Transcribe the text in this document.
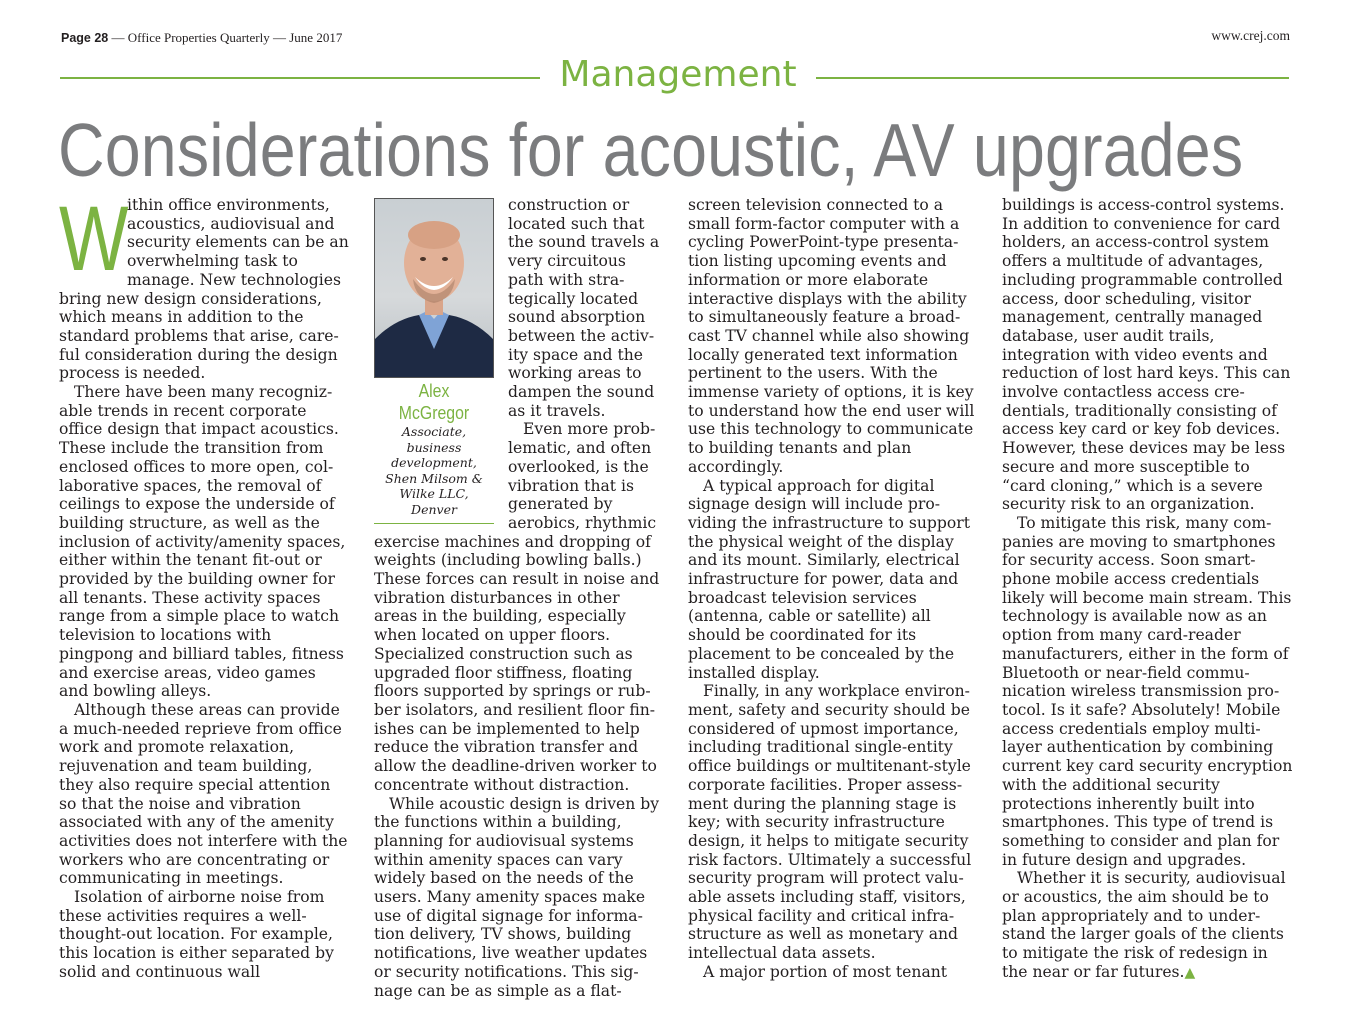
Page 28 — Office Properties Quarterly — June 2017	www.crej.com
Management
Considerations for acoustic, AV upgrades
W

ithin office environments, acoustics, audiovisual and security elements can be an overwhelming task to manage. New technologies bring new design considerations, which means in addition to the standard problems that arise, careful consideration during the design process is needed.

There have been many recognizable trends in recent corporate office design that impact acoustics. These include the transition from enclosed offices to more open, collaborative spaces, the removal of ceilings to expose the underside of building structure, as well as the inclusion of activity/amenity spaces, either within the tenant fit-out or provided by the building owner for all tenants. These activity spaces range from a simple place to watch television to locations with pingpong and billiard tables, fitness and exercise areas, video games and bowling alleys.

Although these areas can provide a much-needed reprieve from office work and promote relaxation, rejuvenation and team building, they also require special attention so that the noise and vibration associated with any of the amenity activities does not interfere with the workers who are concentrating or communicating in meetings.

Isolation of airborne noise from these activities requires a well-thought-out location. For example, this location is either separated by solid and continuous wall

Alex McGregor
Associate, business development, Shen Milsom & Wilke LLC, Denver

construction or located such that the sound travels a very circuitous path with strategically located sound absorption between the activity space and the working areas to dampen the sound as it travels.

Even more problematic, and often overlooked, is the vibration that is generated by aerobics, rhythmic exercise machines and dropping of weights (including bowling balls.) These forces can result in noise and vibration disturbances in other areas in the building, especially when located on upper floors. Specialized construction such as upgraded floor stiffness, floating floors supported by springs or rubber isolators, and resilient floor finishes can be implemented to help reduce the vibration transfer and allow the deadline-driven worker to concentrate without distraction.

While acoustic design is driven by the functions within a building, planning for audiovisual systems within amenity spaces can vary widely based on the needs of the users. Many amenity spaces make use of digital signage for information delivery, TV shows, building notifications, live weather updates or security notifications. This signage can be as simple as a flat-

screen television connected to a small form-factor computer with a cycling PowerPoint-type presentation listing upcoming events and information or more elaborate interactive displays with the ability to simultaneously feature a broadcast TV channel while also showing locally generated text information pertinent to the users. With the immense variety of options, it is key to understand how the end user will use this technology to communicate to building tenants and plan accordingly.

A typical approach for digital signage design will include providing the infrastructure to support the physical weight of the display and its mount. Similarly, electrical infrastructure for power, data and broadcast television services (antenna, cable or satellite) all should be coordinated for its placement to be concealed by the installed display.

Finally, in any workplace environment, safety and security should be considered of upmost importance, including traditional single-entity office buildings or multitenant-style corporate facilities. Proper assessment during the planning stage is key; with security infrastructure design, it helps to mitigate security risk factors. Ultimately a successful security program will protect valuable assets including staff, visitors, physical facility and critical infrastructure as well as monetary and intellectual data assets.

A major portion of most tenant

buildings is access-control systems. In addition to convenience for card holders, an access-control system offers a multitude of advantages, including programmable controlled access, door scheduling, visitor management, centrally managed database, user audit trails, integration with video events and reduction of lost hard keys. This can involve contactless access credentials, traditionally consisting of access key card or key fob devices. However, these devices may be less secure and more susceptible to “card cloning,” which is a severe security risk to an organization.

To mitigate this risk, many companies are moving to smartphones for security access. Soon smartphone mobile access credentials likely will become main stream. This technology is available now as an option from many card-reader manufacturers, either in the form of Bluetooth or near-field communication wireless transmission protocol. Is it safe? Absolutely! Mobile access credentials employ multilayer authentication by combining current key card security encryption with the additional security protections inherently built into smartphones. This type of trend is something to consider and plan for in future design and upgrades.

Whether it is security, audiovisual or acoustics, the aim should be to plan appropriately and to understand the larger goals of the clients to mitigate the risk of redesign in the near or far futures.▲
